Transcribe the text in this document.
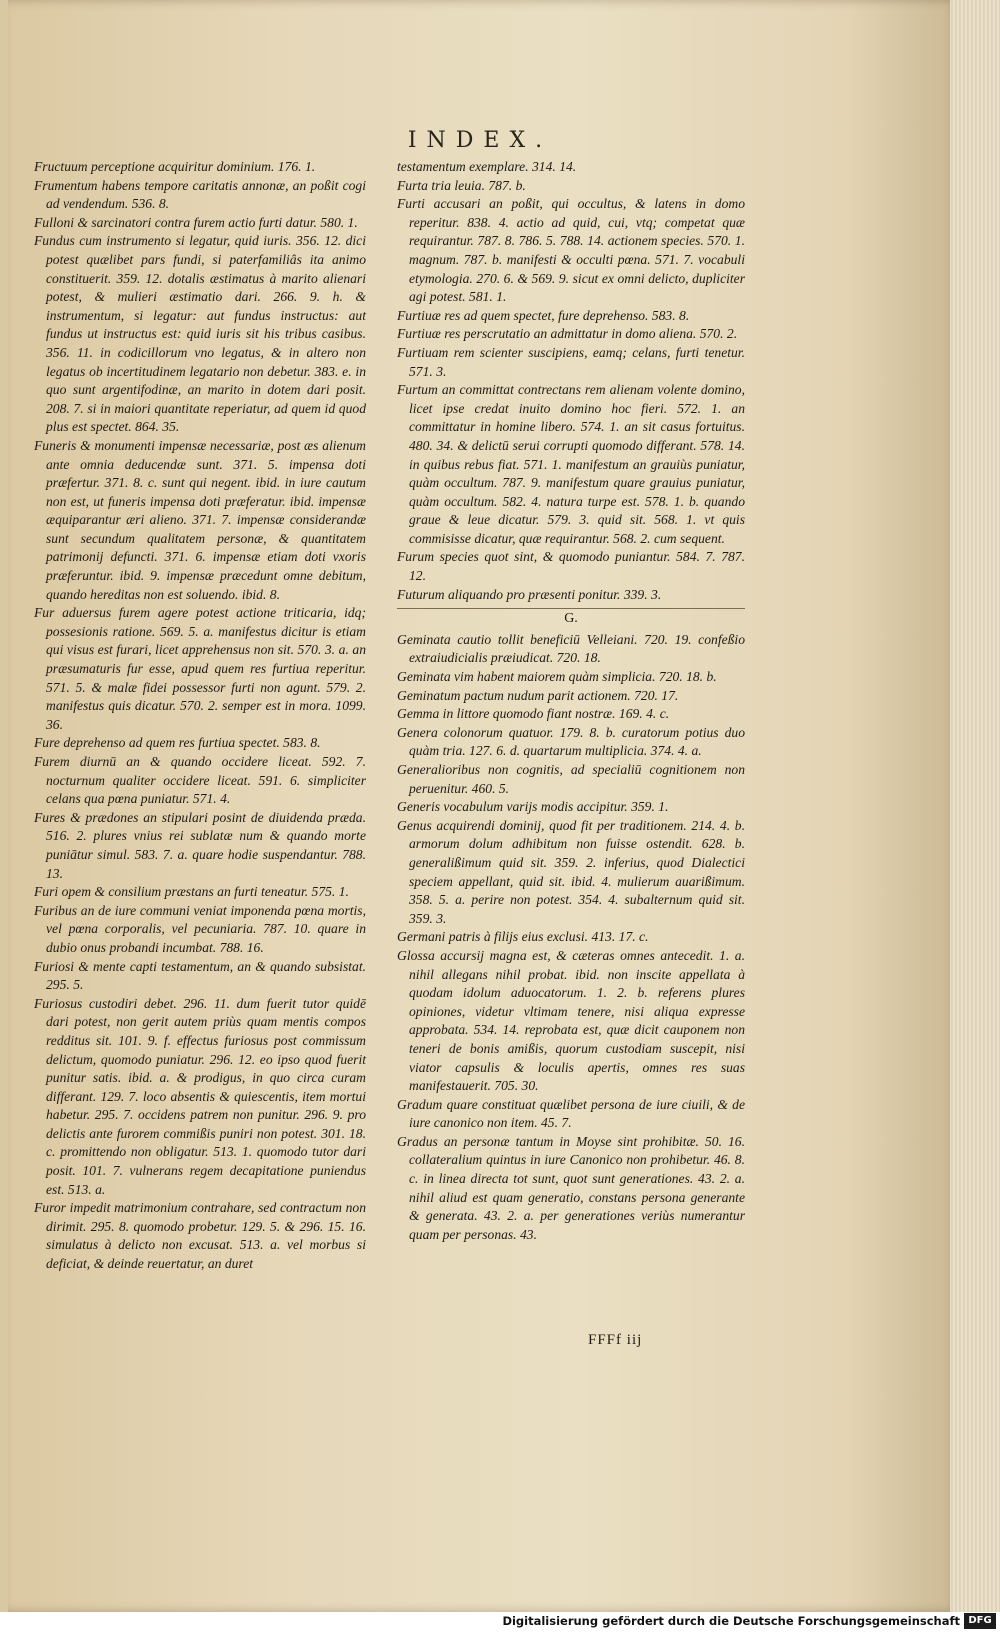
INDEX.

Fructuum perceptione acquiritur dominium. 176. 1.

Frumentum habens tempore caritatis annonæ, an poßit cogi ad vendendum. 536. 8.

Fulloni & sarcinatori contra furem actio furti datur. 580. 1.

Fundus cum instrumento si legatur, quid iuris. 356. 12. dici potest quælibet pars fundi, si paterfamiliâs ita animo constituerit. 359. 12. dotalis æstimatus à marito alienari potest, & mulieri æstimatio dari. 266. 9. h. & instrumentum, si legatur: aut fundus instructus: aut fundus ut instructus est: quid iuris sit his tribus casibus. 356. 11. in codicillorum vno legatus, & in altero non legatus ob incertitudinem legatario non debetur. 383. e. in quo sunt argentifodinæ, an marito in dotem dari posit. 208. 7. si in maiori quantitate reperiatur, ad quem id quod plus est spectet. 864. 35.

Funeris & monumenti impensæ necessariæ, post æs alienum ante omnia deducendæ sunt. 371. 5. impensa doti præfertur. 371. 8. c. sunt qui negent. ibid. in iure cautum non est, ut funeris impensa doti præferatur. ibid. impensæ æquiparantur æri alieno. 371. 7. impensæ considerandæ sunt secundum qualitatem personæ, & quantitatem patrimonij defuncti. 371. 6. impensæ etiam doti vxoris præferuntur. ibid. 9. impensæ præcedunt omne debitum, quando hereditas non est soluendo. ibid. 8.

Fur aduersus furem agere potest actione triticaria, idq; possesionis ratione. 569. 5. a. manifestus dicitur is etiam qui visus est furari, licet apprehensus non sit. 570. 3. a. an præsumaturis fur esse, apud quem res furtiua reperitur. 571. 5. & malæ fidei possessor furti non agunt. 579. 2. manifestus quis dicatur. 570. 2. semper est in mora. 1099. 36.

Fure deprehenso ad quem res furtiua spectet. 583. 8.

Furem diurnū an & quando occidere liceat. 592. 7. nocturnum qualiter occidere liceat. 591. 6. simpliciter celans qua pœna puniatur. 571. 4.

Fures & prædones an stipulari posint de diuidenda præda. 516. 2. plures vnius rei sublatæ num & quando morte puniātur simul. 583. 7. a. quare hodie suspendantur. 788. 13.

Furi opem & consilium præstans an furti teneatur. 575. 1.

Furibus an de iure communi veniat imponenda pœna mortis, vel pœna corporalis, vel pecuniaria. 787. 10. quare in dubio onus probandi incumbat. 788. 16.

Furiosi & mente capti testamentum, an & quando subsistat. 295. 5.

Furiosus custodiri debet. 296. 11. dum fuerit tutor quidē dari potest, non gerit autem priùs quam mentis compos redditus sit. 101. 9. f. effectus furiosus post commissum delictum, quomodo puniatur. 296. 12. eo ipso quod fuerit punitur satis. ibid. a. & prodigus, in quo circa curam differant. 129. 7. loco absentis & quiescentis, item mortui habetur. 295. 7. occidens patrem non punitur. 296. 9. pro delictis ante furorem commißis puniri non potest. 301. 18. c. promittendo non obligatur. 513. 1. quomodo tutor dari posit. 101. 7. vulnerans regem decapitatione puniendus est. 513. a.

Furor impedit matrimonium contrahare, sed contractum non dirimit. 295. 8. quomodo probetur. 129. 5. & 296. 15. 16. simulatus à delicto non excusat. 513. a. vel morbus si deficiat, & deinde reuertatur, an duret

testamentum exemplare. 314. 14.

Furta tria leuia. 787. b.

Furti accusari an poßit, qui occultus, & latens in domo reperitur. 838. 4. actio ad quid, cui, vtq; competat quæ requirantur. 787. 8. 786. 5. 788. 14. actionem species. 570. 1. magnum. 787. b. manifesti & occulti pœna. 571. 7. vocabuli etymologia. 270. 6. & 569. 9. sicut ex omni delicto, dupliciter agi potest. 581. 1.

Furtiuæ res ad quem spectet, fure deprehenso. 583. 8.

Furtiuæ res perscrutatio an admittatur in domo aliena. 570. 2.

Furtiuam rem scienter suscipiens, eamq; celans, furti tenetur. 571. 3.

Furtum an committat contrectans rem alienam volente domino, licet ipse credat inuito domino hoc fieri. 572. 1. an committatur in homine libero. 574. 1. an sit casus fortuitus. 480. 34. & delictū serui corrupti quomodo differant. 578. 14. in quibus rebus fiat. 571. 1. manifestum an grauiùs puniatur, quàm occultum. 787. 9. manifestum quare grauius puniatur, quàm occultum. 582. 4. natura turpe est. 578. 1. b. quando graue & leue dicatur. 579. 3. quid sit. 568. 1. vt quis commisisse dicatur, quæ requirantur. 568. 2. cum sequent.

Furum species quot sint, & quomodo puniantur. 584. 7. 787. 12.

Futurum aliquando pro præsenti ponitur. 339. 3.

G.

Geminata cautio tollit beneficiū Velleiani. 720. 19. confeßio extraiudicialis præiudicat. 720. 18.

Geminata vim habent maiorem quàm simplicia. 720. 18. b.

Geminatum pactum nudum parit actionem. 720. 17.

Gemma in littore quomodo fiant nostræ. 169. 4. c.

Genera colonorum quatuor. 179. 8. b. curatorum potius duo quàm tria. 127. 6. d. quartarum multiplicia. 374. 4. a.

Generalioribus non cognitis, ad specialiū cognitionem non peruenitur. 460. 5.

Generis vocabulum varijs modis accipitur. 359. 1.

Genus acquirendi dominij, quod fit per traditionem. 214. 4. b. armorum dolum adhibitum non fuisse ostendit. 628. b. generalißimum quid sit. 359. 2. inferius, quod Dialectici speciem appellant, quid sit. ibid. 4. mulierum auarißimum. 358. 5. a. perire non potest. 354. 4. subalternum quid sit. 359. 3.

Germani patris à filijs eius exclusi. 413. 17. c.

Glossa accursij magna est, & cæteras omnes antecedit. 1. a. nihil allegans nihil probat. ibid. non inscite appellata à quodam idolum aduocatorum. 1. 2. b. referens plures opiniones, videtur vltimam tenere, nisi aliqua expresse approbata. 534. 14. reprobata est, quæ dicit cauponem non teneri de bonis amißis, quorum custodiam suscepit, nisi viator capsulis & loculis apertis, omnes res suas manifestauerit. 705. 30.

Gradum quare constituat quælibet persona de iure ciuili, & de iure canonico non item. 45. 7.

Gradus an personæ tantum in Moyse sint prohibitæ. 50. 16. collateralium quintus in iure Canonico non prohibetur. 46. 8. c. in linea directa tot sunt, quot sunt generationes. 43. 2. a. nihil aliud est quam generatio, constans persona generante & generata. 43. 2. a. per generationes veriùs numerantur quam per personas. 43.

FFFf iij
Digitalisierung gefördert durch die Deutsche Forschungsgemeinschaft DFG
